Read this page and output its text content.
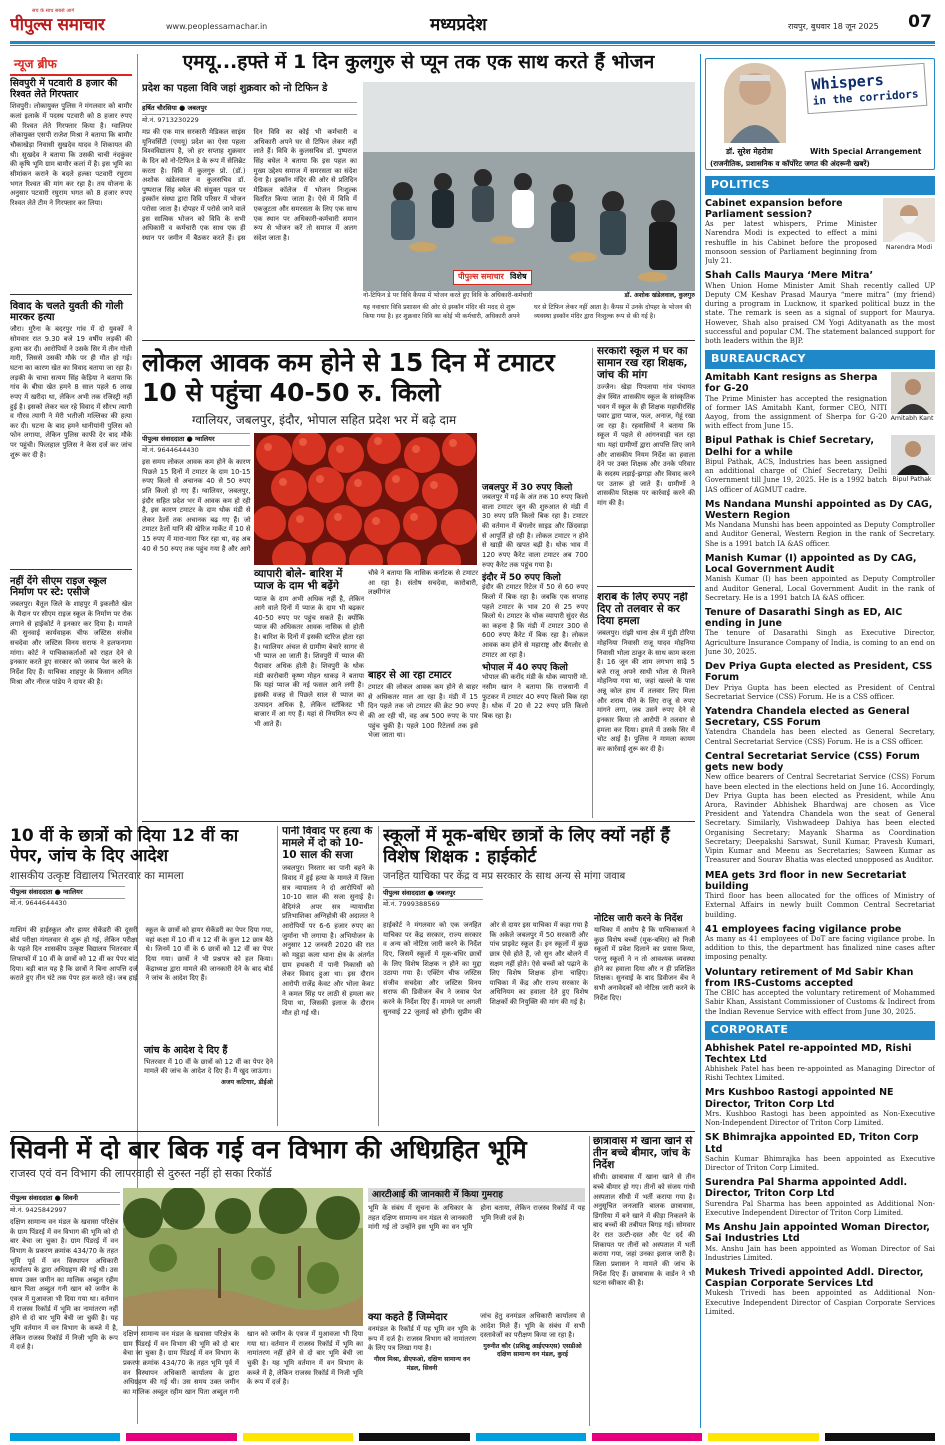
पीपुल्स समाचार
सच के साथ सबसे आगे
www.peoplessamachar.in	मध्यप्रदेश	रायपुर, बुधवार 18 जून 2025 07
न्यूज ब्रीफ
सिवपुरी में पटवारी 8 हजार की रिश्वत लेते गिरफ्तार
शिवपुरी। लोकायुक्त पुलिस ने मंगलवार को बामौर कलां इलाके में पदस्थ पटवारी को 8 हजार रुपए की रिश्वत लेते गिरफ्तार किया है। ग्वालियर लोकायुक्त एसपी राजेश मिश्रा ने बताया कि बामौर चौकाखेड़ा निवासी सुखदेव यादव ने शिकायत की थी। सुखदेव ने बताया कि उसकी चाची नंदकुंवर की कृषि भूमि ग्राम बामौर कलां में है। इस भूमि का सीमांकन कराने के बदले हल्का पटवारी रघुराम भगत रिश्वत की मांग कर रहा है। तय योजना के अनुसार पटवारी रघुराम भगत को 8 हजार रुपए रिश्वत लेते टीम ने गिरफ्तार कर लिया।
विवाद के चलते युवती की गोली मारकर हत्या
जौरा। मुरैना के बदरपुर गांव में दो युवकों ने सोमवार रात 9.30 बजे 19 वर्षीय लड़की की हत्या कर दी। आरोपियों ने उसके सिर में तीन गोली मारी, जिससे उसकी मौके पर ही मौत हो गई। घटना का कारण खेत का विवाद बताया जा रहा है। लड़की के चाचा सत्यम सिंह केड़िया ने बताया कि गांव के बीघा खेत हमने 8 साल पहले 6 लाख रुपए में खरीदा था, लेकिन अभी तक रजिस्ट्री नहीं हुई है। इसको लेकर चल रहे विवाद में सौरभ त्यागी व गौरव त्यागी ने मेरी भतीजी मल्लिका की हत्या कर दी। घटना के बाद हमने थानीयांनी पुलिस को फोन लगाया, लेकिन पुलिस काफी देर बाद मौके पर पहुंची। फिलहाल पुलिस ने केस दर्ज कर जांच शुरू कर दी है।
नहीं देंगे सीएम राइज स्कूल निर्माण पर स्टे: एसीजे
जबलपुर। बैतूल जिले के शाहपुर में इकलौते खेल के मैदान पर सीएम राइज स्कूल के निर्माण पर रोक लगाने से हाईकोर्ट ने इनकार कर दिया है। मामले की सुनवाई कार्यवाहक चीफ जस्टिस संजीव सचदेवा और जस्टिस विनय सराफ ने हलफनामा मांगा। कोर्ट ने याचिकाकर्ताओं को राहत देने से इनकार करते हुए सरकार को जवाब पेश करने के निर्देश दिए हैं। याचिका शाहपुर के किसान अमित मिश्रा और नीरज पांडेय ने दायर की है।
एमयू...हफ्ते में 1 दिन कुलगुरु से प्यून तक एक साथ करते हैं भोजन
प्रदेश का पहला विवि जहां शुक्रवार को नो टिफिन डे
हर्षित चौरसिया ● जबलपुर
मो.नं. 9713230229
मप्र की एक मात्र सरकारी मेडिकल साइंस यूनिवर्सिटी (एमयू) प्रदेश का ऐसा पहला विश्वविद्यालय है, जो हर सप्ताह शुक्रवार के दिन को नो-टिफिन डे के रूप में सेलिब्रेट करता है। विवि में कुलगुरु प्रो. (डॉ.) अशोक खंडेलवाल व कुलसचिव डॉ. पुष्पराज सिंह बघेल की संयुक्त पहल पर इस्कॉन संस्था द्वारा विवि परिसर में भोजन परोसा जाता है। दोपहर में परोसे जाने वाले इस सात्विक भोजन को विवि के सभी अधिकारी व कर्मचारी एक साथ एक ही स्थान पर जमीन में बैठकर करते हैं। इस दिन विवि का कोई भी कर्मचारी व अधिकारी अपने घर से टिफिन लेकर नहीं लाते हैं। विवि के कुलसचिव डॉ. पुष्पराज सिंह बघेल ने बताया कि इस पहल का मुख्य उद्देश्य समाज में समरसता का संदेश देना है। इस्कॉन मंदिर की ओर से प्रतिदिन मेडिकल कॉलेज में भोजन निःशुल्क वितरित किया जाता है। ऐसे में विवि में एकजुटता और समरसता के लिए एक साथ एक स्थान पर अधिकारी-कर्मचारी समान रूप से भोजन करें तो समाज में अलग संदेश जाता है।
पीपुल्स समाचार विशेष
नो-टिफिन डे पर विवि कैंपस में भोजन करते हुए विवि के अधिकारी-कर्मचारी
यह नवाचार विवि प्रशासन की ओर से इस्कॉन मंदिर की मदद से शुरू किया गया है। हर शुक्रवार विवि का कोई भी कर्मचारी, अधिकारी अपने घर से टिफिन लेकर नहीं आता है। कैंपस में उनके दोपहर के भोजन की व्यवस्था इस्कॉन मंदिर द्वारा निःशुल्क रूप से की गई है।
डॉ. अशोक खंडेलवाल, कुलगुरु
लोकल आवक कम होने से 15 दिन में टमाटर 10 से पहुंचा 40-50 रु. किलो
ग्वालियर, जबलपुर, इंदौर, भोपाल सहित प्रदेश भर में बढ़े दाम
पीपुल्स संवाददाता ● ग्वालियर
मो.नं. 9644644430
इस समय लोकल आवक कम होने के कारण पिछले 15 दिनों में टमाटर के दाम 10-15 रुपए किलो से अचानक 40 से 50 रुपए प्रति किलो हो गए हैं। ग्वालियर, जबलपुर, इंदौर सहित प्रदेश भर में आवक कम हो रही है, इस कारण टमाटर के दाम थोक मंडी से लेकर ठेलों तक अचानक बढ़ गए हैं। जो टमाटर ठेलों यानि की खेरिज मार्केट में 10 से 15 रुपए में मारा-मारा फिर रहा था, वह अब 40 से 50 रुपए तक पहुंच गया है और आगे
व्यापारी बोले- बारिश में प्याज के दाम भी बढ़ेंगे
प्याज के दाम अभी अधिक नहीं है, लेकिन आगे वाले दिनों में प्याज के दाम भी बढ़कर 40-50 रुपए पर पहुंच सकते हैं। क्योंकि प्याज की अधिकतर आवक नासिक से होती है। बारिश के दिनों में इसकी स्टॉरेज होता रहा है। ग्वालियर अंचल से ग्रामीण बेचारे सागर से भी प्याज आ जाती है। शिवपुरी में प्याज की पैदावार अधिक होती है। शिवपुरी के थोक मंडी कारोबारी कृष्ण मोहन धाकड़ ने बताया कि यहां प्याज की नई फसल आने लगी है। इसकी वजह से पिछले साल से प्याज का उत्पादन अधिक है, लेकिन स्टॉकिस्ट भी बाजार में आ गए हैं। यहां से नियमित रूप से भी आते हैं।
चौबे ने बताया कि नासिक कर्नाटक से टमाटर आ रहा है। संतोष सचदेवा, कारोबारी, लक्ष्मीगंज
बाहर से आ रहा टमाटर
टमाटर की लोकल आवक कम होने से बाहर से अधिकतर माल आ रहा है। मंडी में 15 दिन पहले तक जो टमाटर की क्रेट 90 रुपए की आ रही थी, वह अब 500 रुपए के पार पहुंच चुकी है। पहले 100 रिटेलर्स तक इसे भेजा जाता था।
जबलपुर में 30 रुपए किलो
जबलपुर में मई के अंत तक 10 रुपए किलो वाला टमाटर जून की शुरुआत से मंडी में 30 रुपए प्रति किलो बिक रहा है। टमाटर की वर्तमान में बेंगलोर साइड और छिंदवाड़ा से आपूर्ति हो रही है। लोकल टमाटर न होने से खाड़ी की खपत बढ़ी है। थोक भाव में 120 रुपए कैरेट वाला टमाटर अब 700 रुपए कैरेट तक पहुंच गया है।
इंदौर में 50 रुपए किलो
इंदौर की टमाटर रिटेल में 50 से 60 रुपए किलो में बिक रहा है। जबकि एक सप्ताह पहले टमाटर के भाव 20 से 25 रुपए किलो थे। टमाटर के थोक व्यापारी सुंदर सेठ का कहना है कि मंडी में टमाटर 300 से 600 रुपए कैरेट में बिक रहा है। लोकल आवक कम होने से महाराष्ट्र और बैंगलोर से टमाटर आ रहा है।
भोपाल में 40 रुपए किलो
भोपाल की करोंद मंडी के थोक व्यापारी मो. नसीम खान ने बताया कि राजधानी में फुटकर में टमाटर 40 रुपए किलो बिक रहा है। थोक में 20 से 22 रुपए प्रति किलो बिक रहा है।
सरकारी स्कूल में घर का सामान रख रहा शिक्षक, जांच की मांग
उज्जैन। खेड़ा पिपलाया गांव पंचायत क्षेत्र स्थित शासकीय स्कूल के सांस्कृतिक भवन में स्कूल के ही शिक्षक महावीरसिंह पवार द्वारा प्याज, फल, अनाज, गेहूं रखा जा रहा है। रहवासियों ने बताया कि स्कूल में पहले से आंगनवाड़ी चल रहा था। यहां ग्रामीणों द्वारा आपत्ति लिए जाने और शासकीय नियम निर्देश का हवाला देने पर उक्त शिक्षक और उनके परिवार के सदस्य लड़ाई-झगड़ा और विवाद करने पर उतारू हो जाते हैं। ग्रामीणों ने शासकीय शिक्षक पर कार्रवाई करने की मांग की है।
शराब के लिए रुपए नहीं दिए तो तलवार से कर दिया हमला
जबलपुर। रांझी थाना क्षेत्र में मुंडी टोरिया मोहनिया निवासी राजू यादव मोहनिया निवासी भोला ठाकुर के साथ काम करता है। 16 जून की शाम लगभग साढ़े 5 बजे राजू अपने साथी भोला से मिलने मोहनिया गया था, जहां खल्लो के पास अन्नू कोल हाथ में तलवार लिए मिला और शराब पीने के लिए राजू से रुपए मांगने लगा, जब उसने रुपए देने से इनकार किया तो आरोपी ने तलवार से हमला कर दिया। हमले में उसके सिर में चोट आई है। पुलिस ने मामला कायम कर कार्रवाई शुरू कर दी है।
10 वीं के छात्रों को दिया 12 वीं का पेपर, जांच के दिए आदेश
शासकीय उत्कृष्ट विद्यालय भितरवार का मामला
पीपुल्स संवाददाता ● ग्वालियर
मो.नं. 9644644430
माशिमं की हाईस्कूल और हायर सेकेंडरी की दूसरी बोर्ड परीक्षा मंगलवार से शुरू हो गई, लेकिन परीक्षा के पहले दिन शासकीय उत्कृष्ट विद्यालय भितरवार में लिफाफों में 10 वीं के छात्रों को 12 वीं का पेपर बांट दिया। बड़ी बात यह है कि छात्रों ने बिना आपत्ति दर्ज कराते हुए तीन घंटे तक पेपर हल करते रहे। जब हाई स्कूल के छात्रों को हायर सेकेंडरी का पेपर दिया गया, वहां कक्षा में 10 वीं व 12 वीं के कुल 12 छात्र बैठे थे। जिनमें 10 वीं के 6 छात्रों को 12 वीं का पेपर दिया गया। छात्रों ने भी प्रश्नपत्र को हल किया। केंद्राध्यक्ष द्वारा मामले की जानकारी देने के बाद बोर्ड ने जांच के आदेश दिए हैं।
जांच के आदेश दे दिए हैं
भितरवार में 10 वीं के छात्रों को 12 वीं का पेपर देने मामले की जांच के आदेश दे दिए हैं। मैं खुद जाऊंगा।
अजय कटियार, डीईओ
पानी विवाद पर हत्या के मामले में दो को 10-10 साल की सजा
जबलपुर। निस्तार का पानी बहने के विवाद में हुई हत्या के मामले में जिला सत्र न्यायालय ने दो आरोपियों को 10-10 साल की सजा सुनाई है। वेदिमंजे अपर सत्र न्यायाधीश प्रतिभाशिका अग्निहोत्री की अदालत ने आरोपियों पर 6-6 हजार रुपए का जुर्माना भी लगाया है। अभियोजन के अनुसार 12 जनवरी 2020 की रात को महुड़ा कला थाना क्षेत्र के अंतर्गत ग्राम हथकरी में पानी निकासी को लेकर विवाद हुआ था। इस दौरान आरोपी राजेंद्र केवट और भोला केवट ने कमल सिंह पर लाठी से हमला कर दिया था, जिसकी इलाज के दौरान मौत हो गई थी।
स्कूलों में मूक-बधिर छात्रों के लिए क्यों नहीं हैं विशेष शिक्षक : हाईकोर्ट
जनहित याचिका पर केंद्र व मप्र सरकार के साथ अन्य से मांगा जवाब
पीपुल्स संवाददाता ● जबलपुर
मो.नं. 7999388569
हाईकोर्ट ने मंगलवार को एक जनहित याचिका पर केंद्र सरकार, राज्य सरकार व अन्य को नोटिस जारी करने के निर्देश दिए, जिसमें स्कूलों में मूक-बधिर छात्रों के लिए विशेष शिक्षक न होने का मुद्दा उठाया गया है। एक्टिंग चीफ जस्टिस संजीव सचदेवा और जस्टिस विनय सराफ की डिवीजन बेंच ने जवाब पेश करने के निर्देश दिए हैं। मामले पर अगली सुनवाई 22 जुलाई को होगी। सुप्रीम की ओर से दायर इस याचिका में कहा गया है कि अकेले जबलपुर में 50 सरकारी और पांच प्राइवेट स्कूल हैं। इन स्कूलों में कुछ छात्र ऐसे होते हैं, जो सुन और बोलने में सक्षम नहीं होते। ऐसे बच्चों को पढ़ाने के लिए विशेष शिक्षक होना चाहिए। याचिका में केंद्र और राज्य सरकार के अधिनियम का हवाला देते हुए विशेष शिक्षकों की नियुक्ति की मांग की गई है।
नोटिस जारी करने के निर्देश
याचिका में आरोप है कि याचिकाकर्ता ने कुछ विशेष बच्चों (मूक-बधिर) को निजी स्कूलों में प्रवेश दिलाने का प्रयास किया, परन्तु स्कूलों ने न तो आवश्यक व्यवस्था होने का हवाला दिया और न ही प्रशिक्षित शिक्षक। सुनवाई के बाद डिवीजन बेंच ने सभी अनावेदकों को नोटिस जारी करने के निर्देश दिए।
सिवनी में दो बार बिक गई वन विभाग की अधिग्रहित भूमि
राजस्व एवं वन विभाग की लापरवाही से दुरुस्त नहीं हो सका रिकॉर्ड
पीपुल्स संवाददाता ● सिवनी
मो.नं. 9425842997
दक्षिण सामान्य वन मंडल के खवासा परिक्षेत्र के ग्राम पिंडरई में वन विभाग की भूमि को दो बार बेचा जा चुका है। ग्राम पिंडरई में वन विभाग के प्रकरण क्रमांक 434/70 के तहत भूमि पूर्व में वन विस्थापन अधिकारी कार्यालय के द्वारा अधिग्रहण की गई थी। उस समय उक्त जमीन का मालिक अब्दुल रहीम खान पिता अब्दुल गनी खान को जमीन के एवज में मुआवजा भी दिया गया था। वर्तमान में राजस्व रिकॉर्ड में भूमि का नामांतरण नहीं होने से दो बार भूमि बेची जा चुकी है। यह भूमि वर्तमान में वन विभाग के कब्जे में है, लेकिन राजस्व रिकॉर्ड में निजी भूमि के रूप में दर्ज है।
दक्षिण सामान्य वन मंडल के खवासा परिक्षेत्र के ग्राम पिंडरई में वन विभाग की भूमि को दो बार बेचा जा चुका है। ग्राम पिंडरई में वन विभाग के प्रकरण क्रमांक 434/70 के तहत भूमि पूर्व में वन विस्थापन अधिकारी कार्यालय के द्वारा अधिग्रहण की गई थी। उस समय उक्त जमीन का मालिक अब्दुल रहीम खान पिता अब्दुल गनी खान को जमीन के एवज में मुआवजा भी दिया गया था। वर्तमान में राजस्व रिकॉर्ड में भूमि का नामांतरण नहीं होने से दो बार भूमि बेची जा चुकी है। यह भूमि वर्तमान में वन विभाग के कब्जे में है, लेकिन राजस्व रिकॉर्ड में निजी भूमि के रूप में दर्ज है।
आरटीआई की जानकारी में किया गुमराह
भूमि के संबंध में सूचना के अधिकार के तहत दक्षिण सामान्य वन मंडल से जानकारी मांगी गई तो उन्होंने इस भूमि का वन भूमि होना बताया, लेकिन राजस्व रिकॉर्ड में यह भूमि निजी दर्ज है।
क्या कहते हैं जिम्मेदार
वनमंडल के रिकॉर्ड में यह भूमि वन भूमि के रूप में दर्ज है। राजस्व विभाग को नामांतरण के लिए पत्र लिखा गया है।
गौरव मिश्रा, डीएफओ, दक्षिण सामान्य वन मंडल, सिवनी
जांच हेतु वनमंडल अधिकारी कार्यालय से आदेश मिले हैं। भूमि के संबंध में सभी दस्तावेजों का परीक्षण किया जा रहा है।
गुरुनीत कौर (प्रशिक्षु आईएफएस) एसडीओ दक्षिण सामान्य वन मंडल, कुरई
छात्रावास में खाना खाने से तीन बच्चे बीमार, जांच के निर्देश
सीधी। छात्रावास में खाना खाने से तीन बच्चे बीमार हो गए। तीनों को संजय गांधी अस्पताल सीधी में भर्ती कराया गया है। अनुसूचित जनजाति बालक छात्रावास, डिंगरिया में बने खाने में कीड़ा निकलने के बाद बच्चों की तबीयत बिगड़ गई। सोमवार देर रात उल्टी-दस्त और पेट दर्द की शिकायत पर तीनों को अस्पताल में भर्ती कराया गया, जहां उनका इलाज जारी है। जिला प्रशासन ने मामले की जांच के निर्देश दिए हैं। छात्रावास के वार्डन ने भी घटना स्वीकार की है।
Whispers
in the corridors
डॉ. सुरेश मेहरोत्रा	With Special Arrangement
(राजनीतिक, प्रशासनिक व कॉर्पोरेट जगत की अंदरूनी खबरें)
POLITICS
Cabinet expansion before Parliament session?
As per latest whispers, Prime Minister Narendra Modi is expected to effect a mini reshuffle in his Cabinet before the proposed monsoon session of Parliament beginning from July 21.
Narendra Modi
Shah Calls Maurya ‘Mere Mitra’
When Union Home Minister Amit Shah recently called UP Deputy CM Keshav Prasad Maurya “mere mitra” (my friend) during a program in Lucknow, it sparked political buzz in the state. The remark is seen as a signal of support for Maurya. However, Shah also praised CM Yogi Adityanath as the most successful and popular CM. The statement balanced support for both leaders within the BJP.
BUREAUCRACY
Amitabh Kant resigns as Sherpa for G-20
The Prime Minister has accepted the resignation of former IAS Amitabh Kant, former CEO, NITI Aayog, from the assignment of Sherpa for G-20 with effect from June 15.
Amitabh Kant
Bipul Pathak is Chief Secretary, Delhi for a while
Bipul Pathak, ACS, Industries has been assigned an additional charge of Chief Secretary, Delhi Government till June 19, 2025. He is a 1992 batch IAS officer of AGMUT cadre.
Bipul Pathak
Ms Nandana Munshi appointed as Dy CAG, Western Region
Ms Nandana Munshi has been appointed as Deputy Comptroller and Auditor General, Western Region in the rank of Secretary. She is a 1991 batch IA &AS officer.
Manish Kumar (I) appointed as Dy CAG, Local Government Audit
Manish Kumar (I) has been appointed as Deputy Comptroller and Auditor General, Local Government Audit in the rank of Secretary. He is a 1991 batch IA &AS officer.
Tenure of Dasarathi Singh as ED, AIC ending in June
The tenure of Dasarathi Singh as Executive Director, Agriculture Insurance Company of India, is coming to an end on June 30, 2025.
Dev Priya Gupta elected as President, CSS Forum
Dev Priya Gupta has been elected as President of Central Secretariat Service (CSS) Forum. He is a CSS officer.
Yatendra Chandela elected as General Secretary, CSS Forum
Yatendra Chandela has been elected as General Secretary, Central Secretariat Service (CSS) Forum. He is a CSS officer.
Central Secretariat Service (CSS) Forum gets new body
New office bearers of Central Secretariat Service (CSS) Forum have been elected in the elections held on June 16. Accordingly, Dev Priya Gupta has been elected as President, while Anu Arora, Ravinder Abhishek Bhardwaj are chosen as Vice President and Yatendra Chandela won the seat of General Secretary. Similarly, Vishwadeep Dahiya has been elected Organising Secretary; Mayank Sharma as Coordination Secretary; Deepakshi Sarswat, Sunil Kumar, Pravesh Kumari, Vipin Kumar and Meenu as Secretaries; Saween Kumar as Treasurer and Sourav Bhatia was elected unopposed as Auditor.
MEA gets 3rd floor in new Secretariat building
Third floor has been allocated for the offices of Ministry of External Affairs in newly built Common Central Secretariat building.
41 employees facing vigilance probe
As many as 41 employees of DoT are facing vigilance probe. In addition to this, the department has finalized nine cases after imposing penalty.
Voluntary retirement of Md Sabir Khan from IRS-Customs accepted
The CBIC has accepted the voluntary retirement of Mohammed Sabir Khan, Assistant Commissioner of Customs & Indirect from the Indian Revenue Service with effect from June 30, 2025.
CORPORATE
Abhishek Patel re-appointed MD, Rishi Techtex Ltd
Abhishek Patel has been re-appointed as Managing Director of Rishi Techtex Limited.
Mrs Kushboo Rastogi appointed NE Director, Triton Corp Ltd
Mrs. Kushboo Rastogi has been appointed as Non-Executive Non-Independent Director of Triton Corp Limited.
SK Bhimrajka appointed ED, Triton Corp Ltd
Sachin Kumar Bhimrajka has been appointed as Executive Director of Triton Corp Limited.
Surendra Pal Sharma appointed Addl. Director, Triton Corp Ltd
Surendra Pal Sharma has been appointed as Additional Non-Executive Independent Director of Triton Corp Limited.
Ms Anshu Jain appointed Woman Director, Sai Industries Ltd
Ms. Anshu Jain has been appointed as Woman Director of Sai Industries Limited.
Mukesh Trivedi appointed Addl. Director, Caspian Corporate Services Ltd
Mukesh Trivedi has been appointed as Additional Non-Executive Independent Director of Caspian Corporate Services Limited.
